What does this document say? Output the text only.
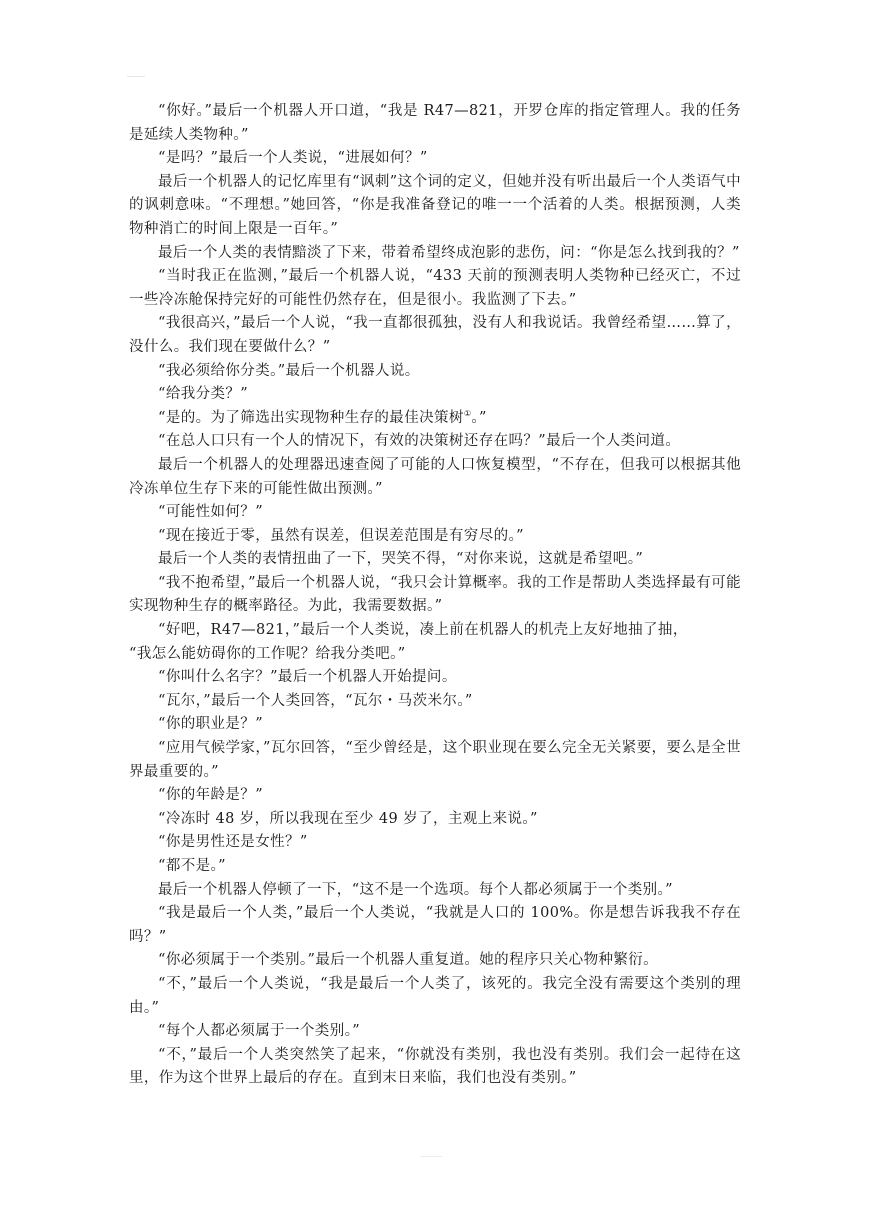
“你好。”最后一个机器人开口道，“我是 R47—821，开罗仓库的指定管理人。我的任务是延续人类物种。”

“是吗？”最后一个人类说，“进展如何？”

最后一个机器人的记忆库里有“讽刺”这个词的定义，但她并没有听出最后一个人类语气中的讽刺意味。“不理想。”她回答，“你是我准备登记的唯一一个活着的人类。根据预测，人类物种消亡的时间上限是一百年。”

最后一个人类的表情黯淡了下来，带着希望终成泡影的悲伤，问：“你是怎么找到我的？”

“当时我正在监测，”最后一个机器人说，“433 天前的预测表明人类物种已经灭亡，不过一些冷冻舱保持完好的可能性仍然存在，但是很小。我监测了下去。”

“我很高兴，”最后一个人说，“我一直都很孤独，没有人和我说话。我曾经希望……算了，没什么。我们现在要做什么？”

“我必须给你分类。”最后一个机器人说。

“给我分类？”

“是的。为了筛选出实现物种生存的最佳决策树①。”

“在总人口只有一个人的情况下，有效的决策树还存在吗？”最后一个人类问道。

最后一个机器人的处理器迅速查阅了可能的人口恢复模型，“不存在，但我可以根据其他冷冻单位生存下来的可能性做出预测。”

“可能性如何？”

“现在接近于零，虽然有误差，但误差范围是有穷尽的。”

最后一个人类的表情扭曲了一下，哭笑不得，“对你来说，这就是希望吧。”

“我不抱希望，”最后一个机器人说，“我只会计算概率。我的工作是帮助人类选择最有可能实现物种生存的概率路径。为此，我需要数据。”

“好吧，R47—821，”最后一个人类说，凑上前在机器人的机壳上友好地抽了抽，

“我怎么能妨碍你的工作呢？给我分类吧。”

“你叫什么名字？”最后一个机器人开始提问。

“瓦尔，”最后一个人类回答，“瓦尔・马茨米尔。”

“你的职业是？”

“应用气候学家，”瓦尔回答，“至少曾经是，这个职业现在要么完全无关紧要，要么是全世界最重要的。”

“你的年龄是？”

“冷冻时 48 岁，所以我现在至少 49 岁了，主观上来说。”

“你是男性还是女性？”

“都不是。”

最后一个机器人停顿了一下，“这不是一个选项。每个人都必须属于一个类别。”

“我是最后一个人类，”最后一个人类说，“我就是人口的 100%。你是想告诉我我不存在吗？”

“你必须属于一个类别。”最后一个机器人重复道。她的程序只关心物种繁衍。

“不，”最后一个人类说，“我是最后一个人类了，该死的。我完全没有需要这个类别的理由。”

“每个人都必须属于一个类别。”

“不，”最后一个人类突然笑了起来，“你就没有类别，我也没有类别。我们会一起待在这里，作为这个世界上最后的存在。直到末日来临，我们也没有类别。”
